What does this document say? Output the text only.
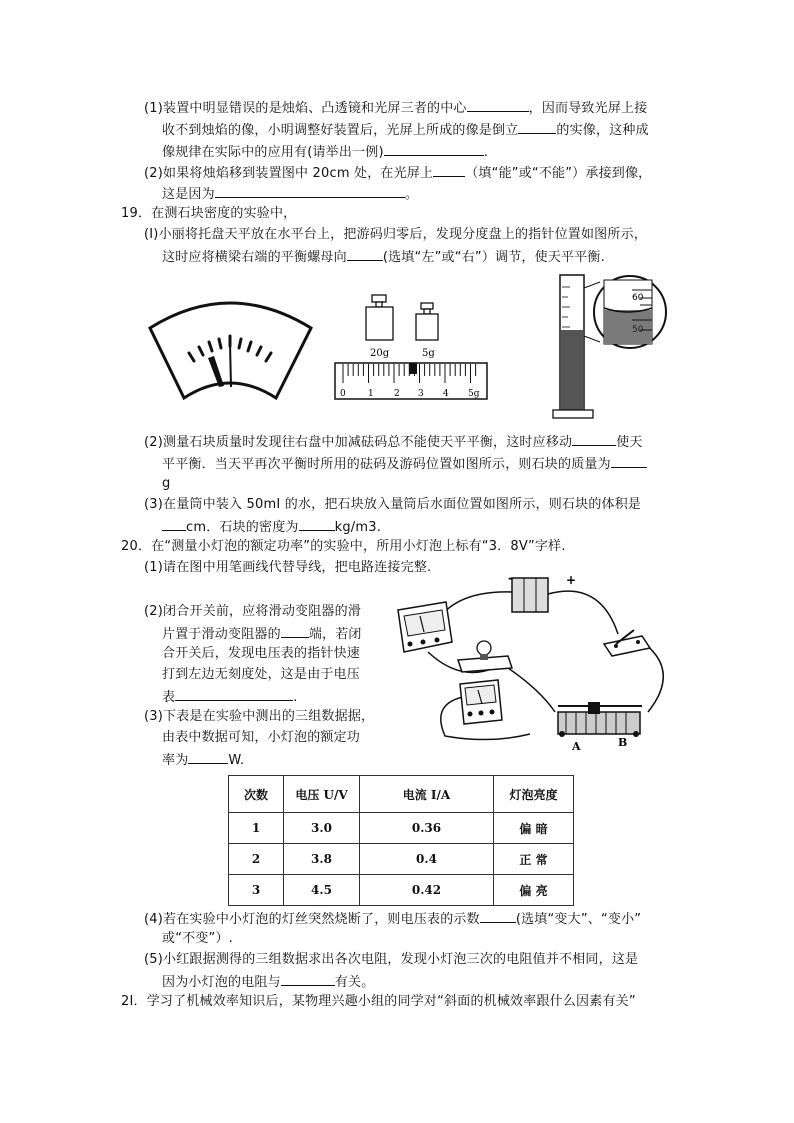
(1)装置中明显错误的是烛焰、凸透镜和光屏三者的中心	，因而导致光屏上接
收不到烛焰的像，小明调整好装置后，光屏上所成的像是倒立	的实像，这种成
像规律在实际中的应用有(请举出一例)	.
(2)如果将烛焰移到装置图中 20cm 处，在光屏上 （填“能”或“不能”）承接到像，
这是因为	。
19．在测石块密度的实验中，
(I)小丽将托盘天平放在水平台上，把游码归零后，发现分度盘上的指针位置如图所示，
这时应将横梁右端的平衡螺母向	(选填“左”或“右”）调节，使天平平衡.
20g	5g
0 1 2 3 4 5g
60
50
(2)测量石块质量时发现往右盘中加减砝码总不能使天平平衡，这时应移动	使天
平平衡．当天平再次平衡时所用的砝码及游码位置如图所示，则石块的质量为
g
(3)在量筒中装入 50mI 的水，把石块放入量筒后水面位置如图所示，则石块的体积是
cm．石块的密度为	kg/m3.
20．在“测量小灯泡的额定功率”的实验中，所用小灯泡上标有“3．8V”字样.
(1)请在图中用笔画线代替导线，把电路连接完整.
(2)闭合开关前，应将滑动变阻器的滑
片置于滑动变阻器的 端，若闭
合开关后，发现电压表的指针快速
打到左边无刻度处，这是由于电压
表	.
(3)下表是在实验中测出的三组数据据，
由表中数据可知，小灯泡的额定功
率为	W.
-	+
A	B
次数	电压 U/V	电流 I/A	灯泡亮度
1	3.0	0.36	偏 暗
2	3.8	0.4	正 常
3	4.5	0.42	偏 亮
(4)若在实验中小灯泡的灯丝突然烧断了，则电压表的示数	(选填“变大”、“变小”
或“不变”）.
(5)小红跟据测得的三组数据求出各次电阻，发现小灯泡三次的电阻值并不相同，这是
因为小灯泡的电阻与	有关。
2I．学习了机械效率知识后，某物理兴趣小组的同学对“斜面的机械效率跟什么因素有关”
